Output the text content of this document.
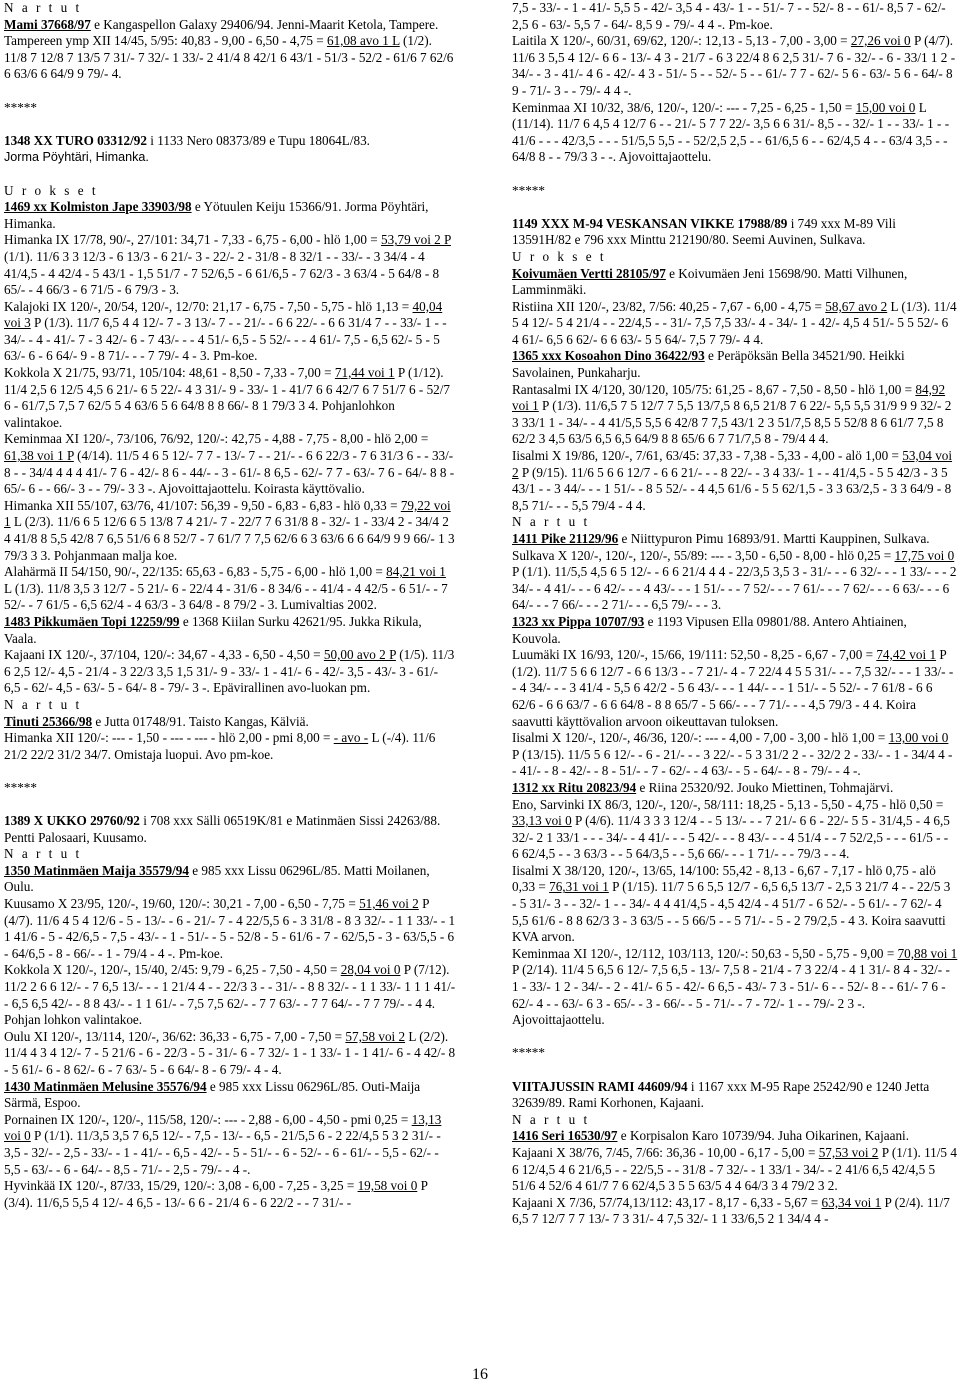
N a r t u t

Mami 37668/97 e Kangaspellon Galaxy 29406/94. Jenni-Maarit Ketola, Tampere.

Tampereen ymp XII 14/45, 5/95: 40,83 - 9,00 - 6,50 - 4,75 = 61,08 avo 1 L (1/2). 11/8 7 12/8 7 13/5 7 31/- 7 32/- 1 33/- 2 41/4 8 42/1 6 43/1 - 51/3 - 52/2 - 61/6 7 62/6 6 63/6 6 64/9 9 79/- 4.

*****

1348 XX TURO 03312/92 i 1133 Nero 08373/89 e Tupu 18064L/83.

Jorma Pöyhtäri, Himanka.

U r o k s e t

1469 xx Kolmiston Jape 33903/98 e Yötuulen Keiju 15366/91. Jorma Pöyhtäri, Himanka.

Himanka IX 17/78, 90/-, 27/101: 34,71 - 7,33 - 6,75 - 6,00 - hlö 1,00 = 53,79 voi 2 P (1/1). 11/6 3 3 12/3 - 6 13/3 - 6 21/- 3 - 22/- 2 - 31/8 - 8 32/1 - - 33/- - 3 34/4 - 4 41/4,5 - 4 42/4 - 5 43/1 - 1,5 51/7 - 7 52/6,5 - 6 61/6,5 - 7 62/3 - 3 63/4 - 5 64/8 - 8 65/- - 4 66/3 - 6 71/5 - 6 79/3 - 3.

Kalajoki IX 120/-, 20/54, 120/-, 12/70: 21,17 - 6,75 - 7,50 - 5,75 - hlö 1,13 = 40,04 voi 3 P (1/3). 11/7 6,5 4 4 12/- 7 - 3 13/- 7 - - 21/- - 6 6 22/- - 6 6 31/4 7 - - 33/- 1 - - 34/- - 4 - 41/- 7 - 3 42/- 6 - 7 43/- - - 4 51/- 6,5 - 5 52/- - - 4 61/- 7,5 - 6,5 62/- 5 - 5 63/- 6 - 6 64/- 9 - 8 71/- - - 7 79/- 4 - 3. Pm-koe.

Kokkola X 21/75, 93/71, 105/104: 48,61 - 8,50 - 7,33 - 7,00 = 71,44 voi 1 P (1/12). 11/4 2,5 6 12/5 4,5 6 21/- 6 5 22/- 4 3 31/- 9 - 33/- 1 - 41/7 6 6 42/7 6 7 51/7 6 - 52/7 6 - 61/7,5 7,5 7 62/5 5 4 63/6 5 6 64/8 8 8 66/- 8 1 79/3 3 4. Pohjanlohkon valintakoe.

Keminmaa XI 120/-, 73/106, 76/92, 120/-: 42,75 - 4,88 - 7,75 - 8,00 - hlö 2,00 = 61,38 voi 1 P (4/14). 11/5 4 6 5 12/- 7 7 - 13/- 7 - - 21/- - 6 6 22/3 - 7 6 31/3 6 - - 33/- 8 - - 34/4 4 4 4 41/- 7 6 - 42/- 8 6 - 44/- - 3 - 61/- 8 6,5 - 62/- 7 7 - 63/- 7 6 - 64/- 8 8 - 65/- 6 - - 66/- 3 - - 79/- 3 3 -. Ajovoittajaottelu. Koirasta käyttövalio.

Himanka XII 55/107, 63/76, 41/107: 56,39 - 9,50 - 6,83 - 6,83 - hlö 0,33 = 79,22 voi 1 L (2/3). 11/6 6 5 12/6 6 5 13/8 7 4 21/- 7 - 22/7 7 6 31/8 8 - 32/- 1 - 33/4 2 - 34/4 2 4 41/8 8 5,5 42/8 7 6,5 51/6 6 8 52/7 - 7 61/7 7 7,5 62/6 6 3 63/6 6 6 64/9 9 9 66/- 1 3 79/3 3 3. Pohjanmaan malja koe.

Alahärmä II 54/150, 90/-, 22/135: 65,63 - 6,83 - 5,75 - 6,00 - hlö 1,00 = 84,21 voi 1 L (1/3). 11/8 3,5 3 12/7 - 5 21/- 6 - 22/4 4 - 31/6 - 8 34/6 - - 41/4 - 4 42/5 - 6 51/- - 7 52/- - 7 61/5 - 6,5 62/4 - 4 63/3 - 3 64/8 - 8 79/2 - 3. Lumivaltias 2002.

1483 Pikkumäen Topi 12259/99 e 1368 Kiilan Surku 42621/95. Jukka Rikula, Vaala.

Kajaani IX 120/-, 37/104, 120/-: 34,67 - 4,33 - 6,50 - 4,50 = 50,00 avo 2 P (1/5). 11/3 6 2,5 12/- 4,5 - 21/4 - 3 22/3 3,5 1,5 31/- 9 - 33/- 1 - 41/- 6 - 42/- 3,5 - 43/- 3 - 61/- 6,5 - 62/- 4,5 - 63/- 5 - 64/- 8 - 79/- 3 -. Epävirallinen avo-luokan pm.

N a r t u t

Tinuti 25366/98 e Jutta 01748/91. Taisto Kangas, Kälviä.

Himanka XII 120/-: --- - 1,50 - --- - --- - hlö 2,00 - pmi 8,00 = - avo - L (-/4). 11/6 21/2 22/2 31/2 34/7. Omistaja luopui. Avo pm-koe.

*****

1389 X UKKO 29760/92 i 708 xxx Sälli 06519K/81 e Matinmäen Sissi 24263/88. Pentti Palosaari, Kuusamo.

N a r t u t

1350 Matinmäen Maija 35579/94 e 985 xxx Lissu 06296L/85. Matti Moilanen, Oulu.

Kuusamo X 23/95, 120/-, 19/60, 120/-: 30,21 - 7,00 - 6,50 - 7,75 = 51,46 voi 2 P (4/7). 11/6 4 5 4 12/6 - 5 - 13/- - 6 - 21/- 7 - 4 22/5,5 6 - 3 31/8 - 8 3 32/- - 1 1 33/- - 1 1 41/6 - 5 - 42/6,5 - 7,5 - 43/- - 1 - 51/- - 5 - 52/8 - 5 - 61/6 - 7 - 62/5,5 - 3 - 63/5,5 - 6 - 64/6,5 - 8 - 66/- - 1 - 79/4 - 4 -. Pm-koe.

Kokkola X 120/-, 120/-, 15/40, 2/45: 9,79 - 6,25 - 7,50 - 4,50 = 28,04 voi 0 P (7/12). 11/2 2 6 6 12/- - 7 6,5 13/- - - 1 21/4 4 - - 22/3 3 - - 31/- - 8 8 32/- - 1 1 33/- 1 1 1 41/- - 6,5 6,5 42/- - 8 8 43/- - 1 1 61/- - 7,5 7,5 62/- - 7 7 63/- - 7 7 64/- - 7 7 79/- - 4 4. Pohjan lohkon valintakoe.

Oulu XI 120/-, 13/114, 120/-, 36/62: 36,33 - 6,75 - 7,00 - 7,50 = 57,58 voi 2 L (2/2). 11/4 4 3 4 12/- 7 - 5 21/6 - 6 - 22/3 - 5 - 31/- 6 - 7 32/- 1 - 1 33/- 1 - 1 41/- 6 - 4 42/- 8 - 5 61/- 6 - 8 62/- 6 - 7 63/- 5 - 6 64/- 8 - 6 79/- 4 - 4.

1430 Matinmäen Melusine 35576/94 e 985 xxx Lissu 06296L/85. Outi-Maija Särmä, Espoo.

Pornainen IX 120/-, 120/-, 115/58, 120/-: --- - 2,88 - 6,00 - 4,50 - pmi 0,25 = 13,13 voi 0 P (1/1). 11/3,5 3,5 7 6,5 12/- - 7,5 - 13/- - 6,5 - 21/5,5 6 - 2 22/4,5 5 3 2 31/- - 3,5 - 32/- - 2,5 - 33/- - 1 - 41/- - 6,5 - 42/- - 5 - 51/- - 6 - 52/- - 6 - 61/- - 5,5 - 62/- - 5,5 - 63/- - 6 - 64/- - 8,5 - 71/- - 2,5 - 79/- - 4 -.

Hyvinkää IX 120/-, 87/33, 15/29, 120/-: 3,08 - 6,00 - 7,25 - 3,25 = 19,58 voi 0 P (3/4). 11/6,5 5,5 4 12/- 4 6,5 - 13/- 6 6 - 21/4 6 - 6 22/2 - - 7 31/- -

7,5 - 33/- - 1 - 41/- 5,5 5 - 42/- 3,5 4 - 43/- 1 - - 51/- 7 - - 52/- 8 - - 61/- 8,5 7 - 62/- 2,5 6 - 63/- 5,5 7 - 64/- 8,5 9 - 79/- 4 4 -. Pm-koe.

Laitila X 120/-, 60/31, 69/62, 120/-: 12,13 - 5,13 - 7,00 - 3,00 = 27,26 voi 0 P (4/7). 11/6 3 5,5 4 12/- 6 6 - 13/- 4 3 - 21/7 - 6 3 22/4 8 6 2,5 31/- 7 6 - 32/- - 6 - 33/1 1 2 - 34/- - 3 - 41/- 4 6 - 42/- 4 3 - 51/- 5 - - 52/- 5 - - 61/- 7 7 - 62/- 5 6 - 63/- 5 6 - 64/- 8 9 - 71/- 3 - - 79/- 4 4 -.

Keminmaa XI 10/32, 38/6, 120/-, 120/-: --- - 7,25 - 6,25 - 1,50 = 15,00 voi 0 L (11/14). 11/7 6 4,5 4 12/7 6 - - 21/- 5 7 7 22/- 3,5 6 6 31/- 8,5 - - 32/- 1 - - 33/- 1 - - 41/6 - - - 42/3,5 - - - 51/5,5 5,5 - - 52/2,5 2,5 - - 61/6,5 6 - - 62/4,5 4 - - 63/4 3,5 - - 64/8 8 - - 79/3 3 - -. Ajovoittajaottelu.

*****

1149 XXX M-94 VESKANSAN VIKKE 17988/89 i 749 xxx M-89 Vili 13591H/82 e 796 xxx Minttu 212190/80. Seemi Auvinen, Sulkava.

U r o k s e t

Koivumäen Vertti 28105/97 e Koivumäen Jeni 15698/90. Matti Vilhunen, Lamminmäki.

Ristiina XII 120/-, 23/82, 7/56: 40,25 - 7,67 - 6,00 - 4,75 = 58,67 avo 2 L (1/3). 11/4 5 4 12/- 5 4 21/4 - - 22/4,5 - - 31/- 7,5 7,5 33/- 4 - 34/- 1 - 42/- 4,5 4 51/- 5 5 52/- 6 4 61/- 6,5 6 62/- 6 6 63/- 5 5 64/- 7,5 7 79/- 4 4.

1365 xxx Kosoahon Dino 36422/93 e Peräpöksän Bella 34521/90. Heikki Savolainen, Punkaharju.

Rantasalmi IX 4/120, 30/120, 105/75: 61,25 - 8,67 - 7,50 - 8,50 - hlö 1,00 = 84,92 voi 1 P (1/3). 11/6,5 7 5 12/7 7 5,5 13/7,5 8 6,5 21/8 7 6 22/- 5,5 5,5 31/9 9 9 32/- 2 3 33/1 1 - 34/- - 4 41/5,5 5,5 6 42/8 7 7,5 43/1 2 3 51/7,5 8,5 5 52/8 8 6 61/7 7,5 8 62/2 3 4,5 63/5 6,5 6,5 64/9 8 8 65/6 6 7 71/7,5 8 - 79/4 4 4.

Iisalmi X 19/86, 120/-, 7/61, 63/45: 37,33 - 7,38 - 5,33 - 4,00 - alö 1,00 = 53,04 voi 2 P (9/15). 11/6 5 6 6 12/7 - 6 6 21/- - - 8 22/- - 3 4 33/- 1 - - 41/4,5 - 5 5 42/3 - 3 5 43/1 - - 3 44/- - - 1 51/- - 8 5 52/- - 4 4,5 61/6 - 5 5 62/1,5 - 3 3 63/2,5 - 3 3 64/9 - 8 8,5 71/- - - 5,5 79/4 - 4 4.

N a r t u t

1411 Pike 21129/96 e Niittypuron Pimu 16893/91. Martti Kauppinen, Sulkava.

Sulkava X 120/-, 120/-, 120/-, 55/89: --- - 3,50 - 6,50 - 8,00 - hlö 0,25 = 17,75 voi 0 P (1/1). 11/5,5 4,5 6 5 12/- - 6 6 21/4 4 4 - 22/3,5 3,5 3 - 31/- - - 6 32/- - - 1 33/- - - 2 34/- - 4 41/- - - 6 42/- - - 4 43/- - - 1 51/- - - 7 52/- - - 7 61/- - - 7 62/- - - 6 63/- - - 6 64/- - - 7 66/- - - 2 71/- - - 6,5 79/- - - 3.

1323 xx Pippa 10707/93 e 1193 Vipusen Ella 09801/88. Antero Ahtiainen, Kouvola.

Luumäki IX 16/93, 120/-, 15/66, 19/111: 52,50 - 8,25 - 6,67 - 7,00 = 74,42 voi 1 P (1/2). 11/7 5 6 6 12/7 - 6 6 13/3 - - 7 21/- 4 - 7 22/4 4 5 5 31/- - - 7,5 32/- - - 1 33/- - - 4 34/- - - 3 41/4 - 5,5 6 42/2 - 5 6 43/- - - 1 44/- - - 1 51/- - 5 52/- - 7 61/8 - 6 6 62/6 - 6 6 63/7 - 6 6 64/8 - 8 8 65/7 - 5 66/- - - 7 71/- - - 4,5 79/3 - 4 4. Koira saavutti käyttövalion arvoon oikeuttavan tuloksen.

Iisalmi X 120/-, 120/-, 46/36, 120/-: --- - 4,00 - 7,00 - 3,00 - hlö 1,00 = 13,00 voi 0 P (13/15). 11/5 5 6 12/- - 6 - 21/- - - 3 22/- - 5 3 31/2 2 - - 32/2 2 - 33/- - 1 - 34/4 4 - - 41/- - 8 - 42/- - 8 - 51/- - 7 - 62/- - 4 63/- - 5 - 64/- - 8 - 79/- - 4 -.

1312 xx Ritu 20823/94 e Riina 25320/92. Jouko Miettinen, Tohmajärvi.

Eno, Sarvinki IX 86/3, 120/-, 120/-, 58/111: 18,25 - 5,13 - 5,50 - 4,75 - hlö 0,50 = 33,13 voi 0 P (4/6). 11/4 3 3 3 12/4 - - 5 13/- - - 7 21/- 6 6 - 22/- 5 5 - 31/4,5 - 4 6,5 32/- 2 1 33/1 - - - 34/- - 4 41/- - - 5 42/- - - 8 43/- - - 4 51/4 - - 7 52/2,5 - - - 61/5 - - 6 62/4,5 - - 3 63/3 - - 5 64/3,5 - - 5,6 66/- - - 1 71/- - - 79/3 - - 4.

Iisalmi X 38/120, 120/-, 13/65, 14/100: 55,42 - 8,13 - 6,67 - 7,17 - hlö 0,75 - alö 0,33 = 76,31 voi 1 P (1/15). 11/7 5 6 5,5 12/7 - 6,5 6,5 13/7 - 2,5 3 21/7 4 - - 22/5 3 - 5 31/- 3 - - 32/- 1 - - 34/- 4 4 41/4,5 - 4,5 42/4 - 4 51/7 - 6 52/- - 5 61/- - 7 62/- 4 5,5 61/6 - 8 8 62/3 3 - 3 63/5 - - 5 66/5 - - 5 71/- - 5 - 2 79/2,5 - 4 3. Koira saavutti KVA arvon.

Keminmaa XI 120/-, 12/112, 103/113, 120/-: 50,63 - 5,50 - 5,75 - 9,00 = 70,88 voi 1 P (2/14). 11/4 5 6,5 6 12/- 7,5 6,5 - 13/- 7,5 8 - 21/4 - 7 3 22/4 - 4 1 31/- 8 4 - 32/- - 1 - 33/- 1 2 - 34/- - 2 - 41/- 6 5 - 42/- 6 6,5 - 43/- 7 3 - 51/- 6 - - 52/- 8 - - 61/- 7 6 - 62/- 4 - - 63/- 6 3 - 65/- - 3 - 66/- - 5 - 71/- - 7 - 72/- 1 - - 79/- 2 3 -. Ajovoittajaottelu.

*****

VIITAJUSSIN RAMI 44609/94 i 1167 xxx M-95 Rape 25242/90 e 1240 Jetta 32639/89. Rami Korhonen, Kajaani.

N a r t u t

1416 Seri 16530/97 e Korpisalon Karo 10739/94. Juha Oikarinen, Kajaani.

Kajaani X 38/76, 7/45, 7/66: 36,36 - 10,00 - 6,17 - 5,00 = 57,53 voi 2 P (1/1). 11/5 4 6 12/4,5 4 6 21/6,5 - - 22/5,5 - - 31/8 - 7 32/- - 1 33/1 - 34/- - 2 41/6 6,5 42/4,5 5 51/6 4 52/6 4 61/7 7 6 62/4,5 3 5 5 63/5 4 4 64/3 3 4 79/2 3 2.

Kajaani X 7/36, 57/74,13/112: 43,17 - 8,17 - 6,33 - 5,67 = 63,34 voi 1 P (2/4). 11/7 6,5 7 12/7 7 7 13/- 7 3 31/- 4 7,5 32/- 1 1 33/6,5 2 1 34/4 4 -

16
